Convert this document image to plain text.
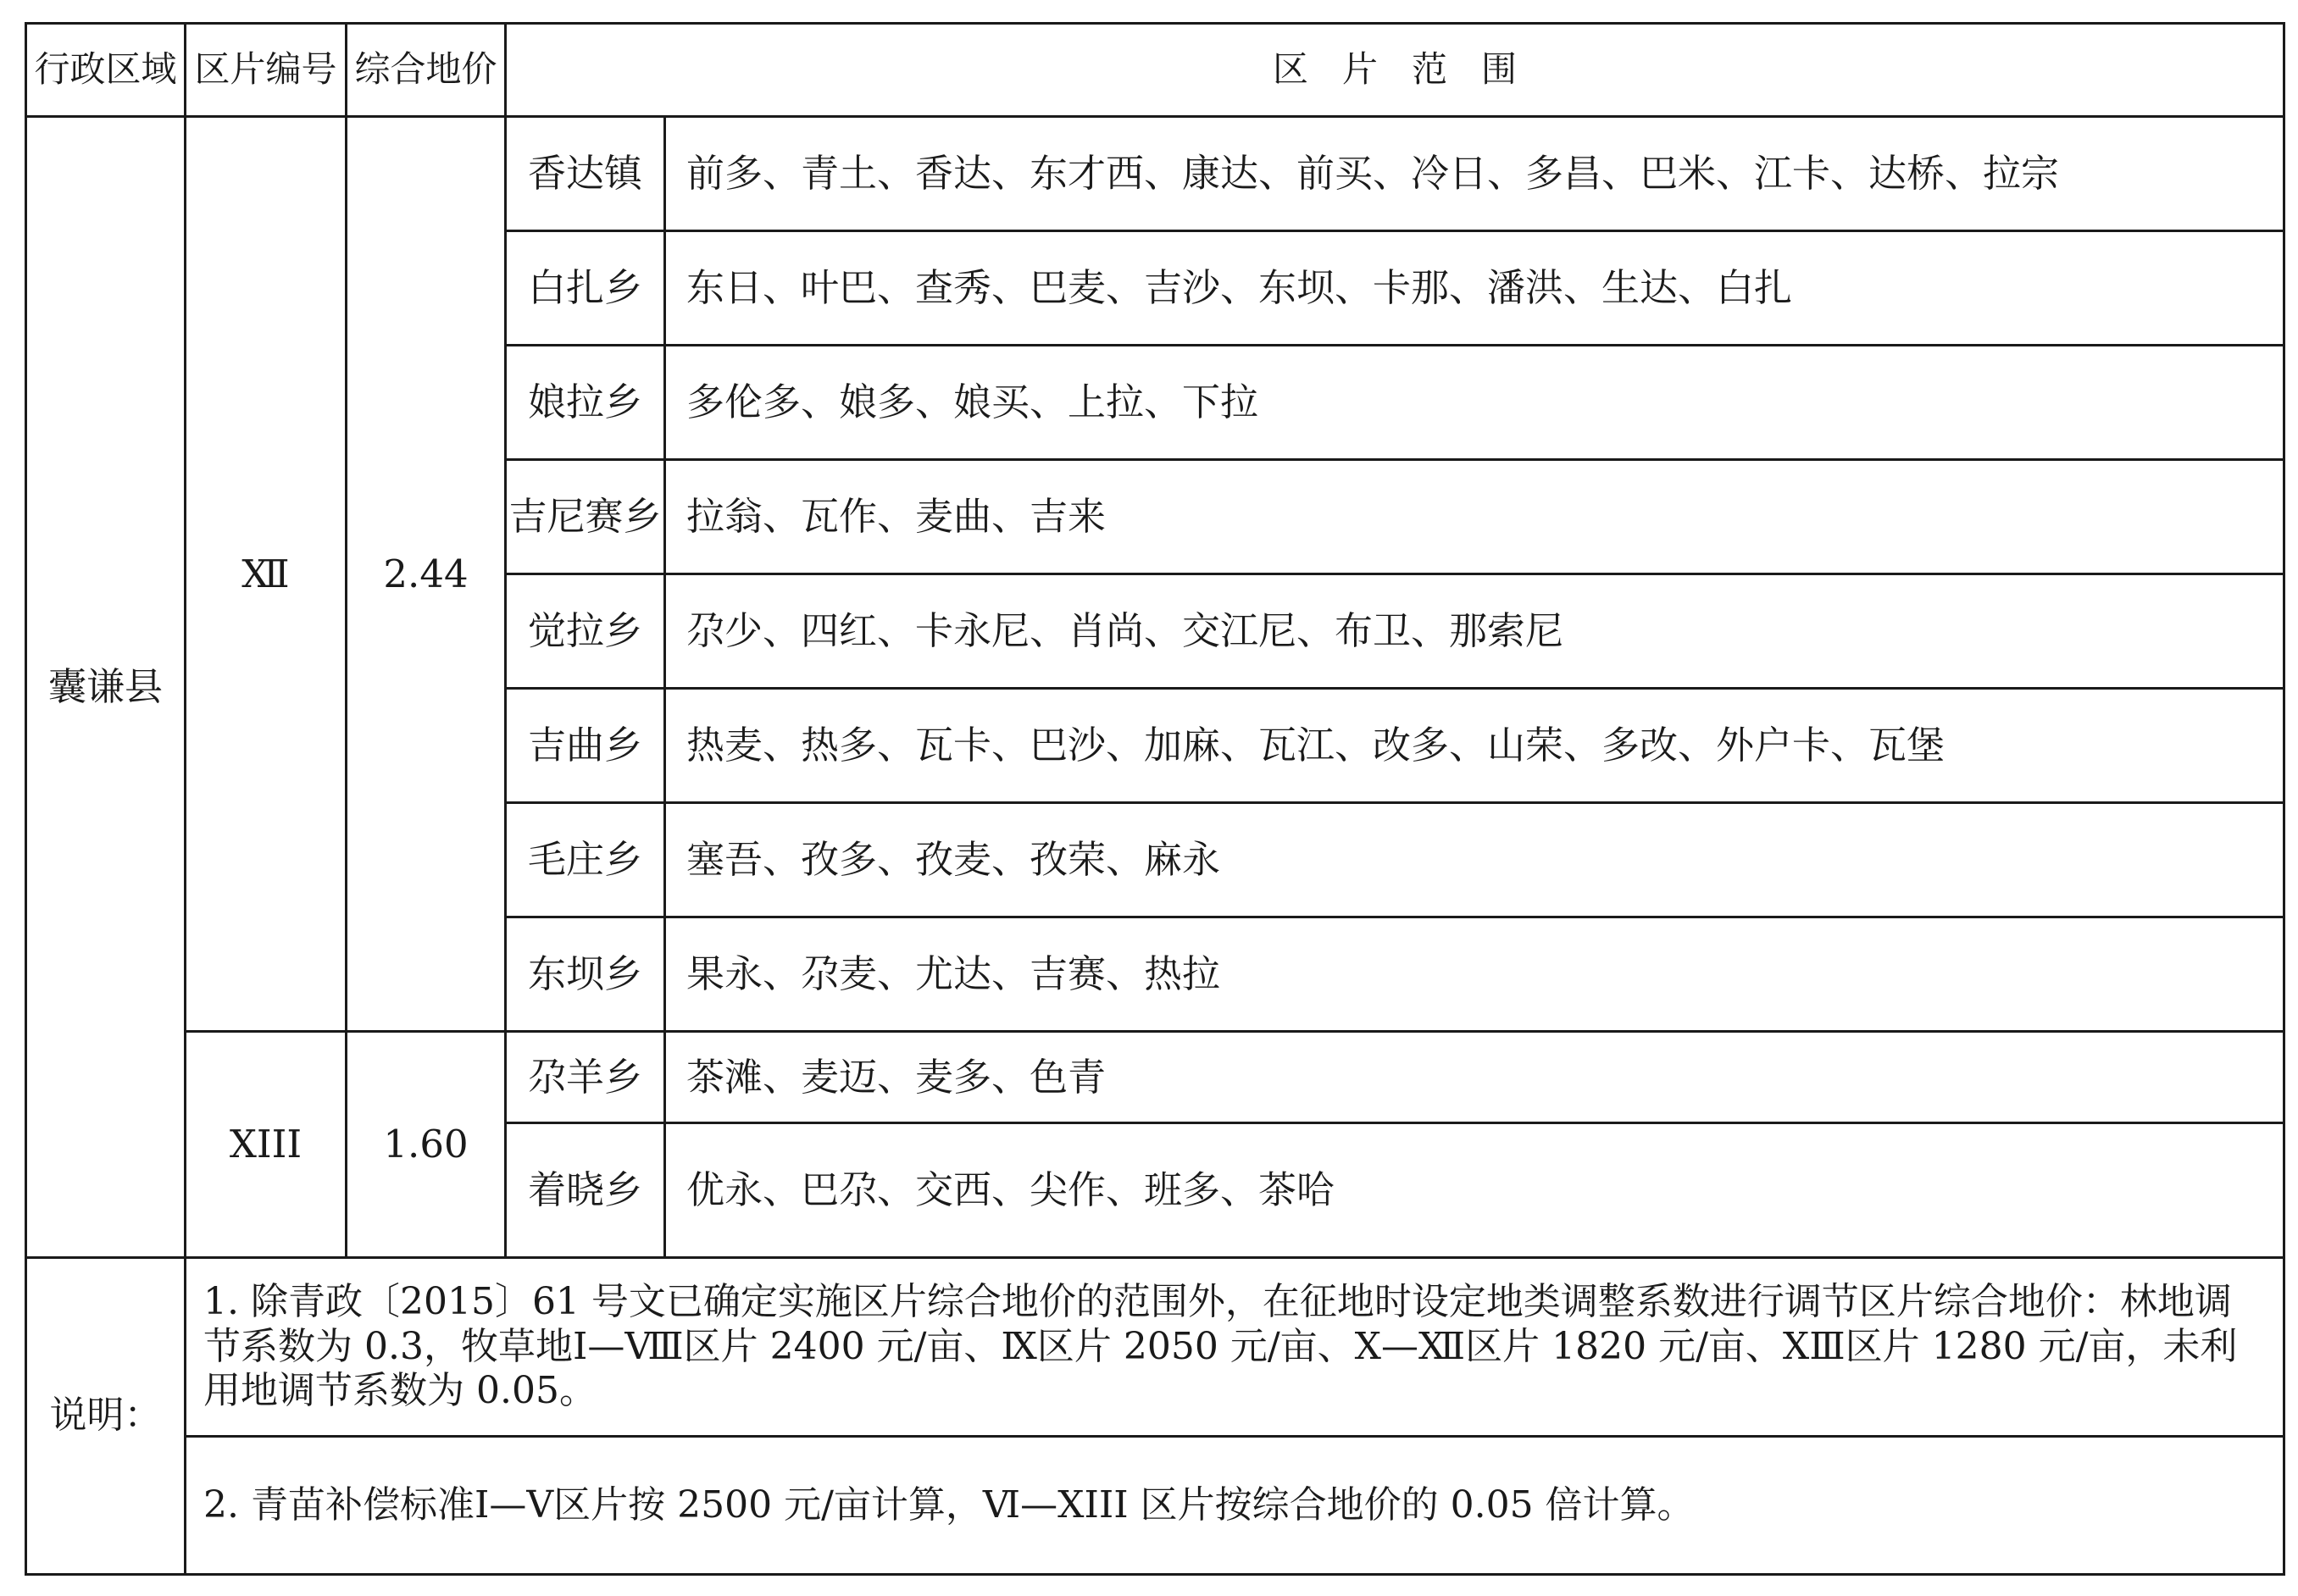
行政区域	区片编号	综合地价	区片范围	
囊谦县	Ⅻ	2.44	香达镇	前多、青土、香达、东才西、康达、前买、冷日、多昌、巴米、江卡、达桥、拉宗
			白扎乡	东日、叶巴、查秀、巴麦、吉沙、东坝、卡那、潘洪、生达、白扎
			娘拉乡	多伦多、娘多、娘买、上拉、下拉
			吉尼赛乡	拉翁、瓦作、麦曲、吉来
			觉拉乡	尕少、四红、卡永尼、肖尚、交江尼、布卫、那索尼
			吉曲乡	热麦、热多、瓦卡、巴沙、加麻、瓦江、改多、山荣、多改、外户卡、瓦堡
			毛庄乡	塞吾、孜多、孜麦、孜荣、麻永
			东坝乡	果永、尕麦、尤达、吉赛、热拉
	XIII	1.60	尕羊乡	茶滩、麦迈、麦多、色青
			着晓乡	优永、巴尕、交西、尖作、班多、茶哈
说明：	1. 除青政〔2015〕61 号文已确定实施区片综合地价的范围外，在征地时设定地类调整系数进行调节区片综合地价：林地调节系数为 0.3，牧草地Ⅰ—Ⅷ区片 2400 元/亩、Ⅸ区片 2050 元/亩、Ⅹ—Ⅻ区片 1820 元/亩、XⅢ区片 1280 元/亩，未利用地调节系数为 0.05。			
	2. 青苗补偿标准Ⅰ—Ⅴ区片按 2500 元/亩计算，Ⅵ—XIII 区片按综合地价的 0.05 倍计算。			
